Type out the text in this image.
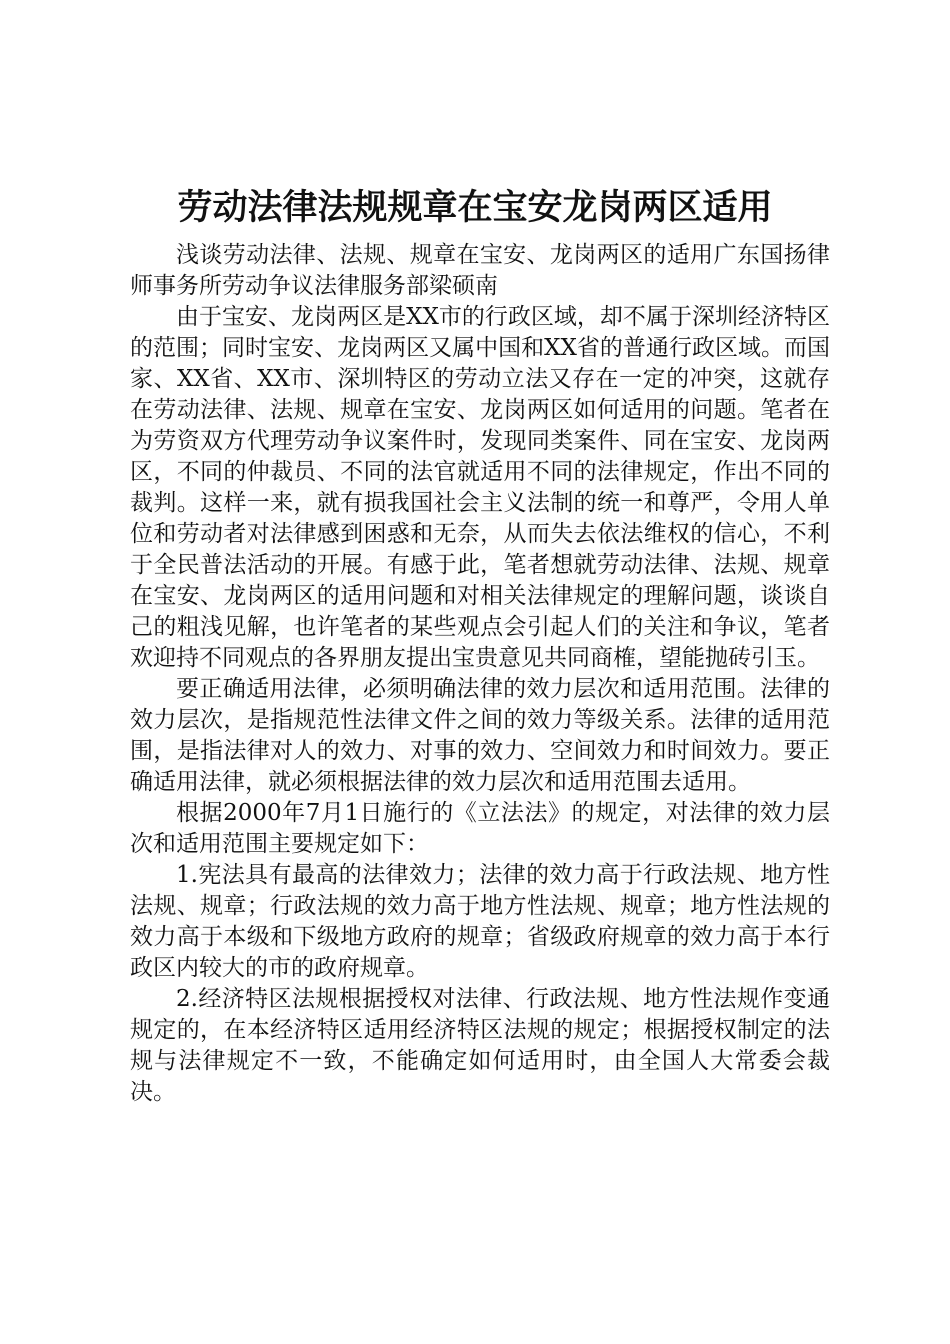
劳动法律法规规章在宝安龙岗两区适用

浅谈劳动法律、法规、规章在宝安、龙岗两区的适用广东国扬律师事务所劳动争议法律服务部梁硕南

由于宝安、龙岗两区是XX市的行政区域，却不属于深圳经济特区的范围；同时宝安、龙岗两区又属中国和XX省的普通行政区域。而国家、XX省、XX市、深圳特区的劳动立法又存在一定的冲突，这就存在劳动法律、法规、规章在宝安、龙岗两区如何适用的问题。笔者在为劳资双方代理劳动争议案件时，发现同类案件、同在宝安、龙岗两区，不同的仲裁员、不同的法官就适用不同的法律规定，作出不同的裁判。这样一来，就有损我国社会主义法制的统一和尊严，令用人单位和劳动者对法律感到困惑和无奈，从而失去依法维权的信心，不利于全民普法活动的开展。有感于此，笔者想就劳动法律、法规、规章在宝安、龙岗两区的适用问题和对相关法律规定的理解问题，谈谈自己的粗浅见解，也许笔者的某些观点会引起人们的关注和争议，笔者欢迎持不同观点的各界朋友提出宝贵意见共同商榷，望能抛砖引玉。

要正确适用法律，必须明确法律的效力层次和适用范围。法律的效力层次，是指规范性法律文件之间的效力等级关系。法律的适用范围，是指法律对人的效力、对事的效力、空间效力和时间效力。要正确适用法律，就必须根据法律的效力层次和适用范围去适用。

根据2000年7月1日施行的《立法法》的规定，对法律的效力层次和适用范围主要规定如下：

1.宪法具有最高的法律效力；法律的效力高于行政法规、地方性法规、规章；行政法规的效力高于地方性法规、规章；地方性法规的效力高于本级和下级地方政府的规章；省级政府规章的效力高于本行政区内较大的市的政府规章。

2.经济特区法规根据授权对法律、行政法规、地方性法规作变通规定的，在本经济特区适用经济特区法规的规定；根据授权制定的法规与法律规定不一致，不能确定如何适用时，由全国人大常委会裁决。
